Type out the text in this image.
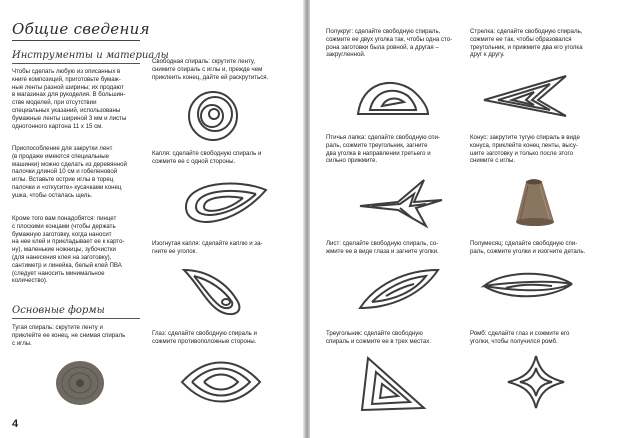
Общие сведения
Инструменты и материалы
Чтобы сделать любую из описанных в
книге композиций, приготовьте бумаж-
ные ленты разной ширины; их продают
в магазинах для рукоделия. В большин-
стве моделей, при отсутствии
специальных указаний, использованы
бумажные ленты шириной 3 мм и листы
однотонного картона 11 x 15 см.
Приспособление для закрутки лент
(в продаже имеются специальные
машинки) можно сделать из деревянной
палочки длиной 10 см и гобеленовой
иглы. Вставьте острие иглы в торец
палочки и «откусите» кусачками конец
ушка, чтобы осталась щель.
Кроме того вам понадобятся: пинцет
с плоскими концами (чтобы держать
бумажную заготовку, когда наносит
на нее клей и прикладывает ее к карто-
ну), маленькие ножницы, зубочистки
(для нанесения клея на заготовку),
сантиметр и линейка, белый клей ПВА
(следует наносить минимальное
количество).
Основные формы
Тугая спираль: скрутите ленту и
приклейте ее конец, не снимая спираль
с иглы.
Свободная спираль: скрутите ленту,
снимите спираль с иглы и, прежде чем
приклеить конец, дайте ей раскрутиться.
Капля: сделайте свободную спираль и
сожмите ее с одной стороны.
Изогнутая капля: сделайте каплю и за-
гните ее уголок.
Глаз: сделайте свободную спираль и
сожмите противоположные стороны.
4
Полукруг: сделайте свободную спираль,
сожмите ее двух уголка так, чтобы одна сто-
рона заготовки была ровной, а другая –
закругленной.
Стрелка: сделайте свободную спираль,
сожмите ее так, чтобы образовался
треугольник, и прижмите два его уголка
друг к другу.
Птичья лапка: сделайте свободную спи-
раль, сожмите треугольник, загните
два уголка в направлении третьего и
сильно прижмите.
Конус: закрутите тугую спираль в виде
конуса, приклейте конец ленты, высу-
шите заготовку и только после этого
снимите с иглы.
Лист: сделайте свободную спираль, со-
жмите ее в виде глаза и загните уголки.
Полумесяц: сделайте свободную спи-
раль, сожмите уголки и изогните деталь.
Треугольник: сделайте свободную
спираль и сожмите ее в трех местах.
Ромб: сделайте глаз и сожмите его
уголки, чтобы получился ромб.
